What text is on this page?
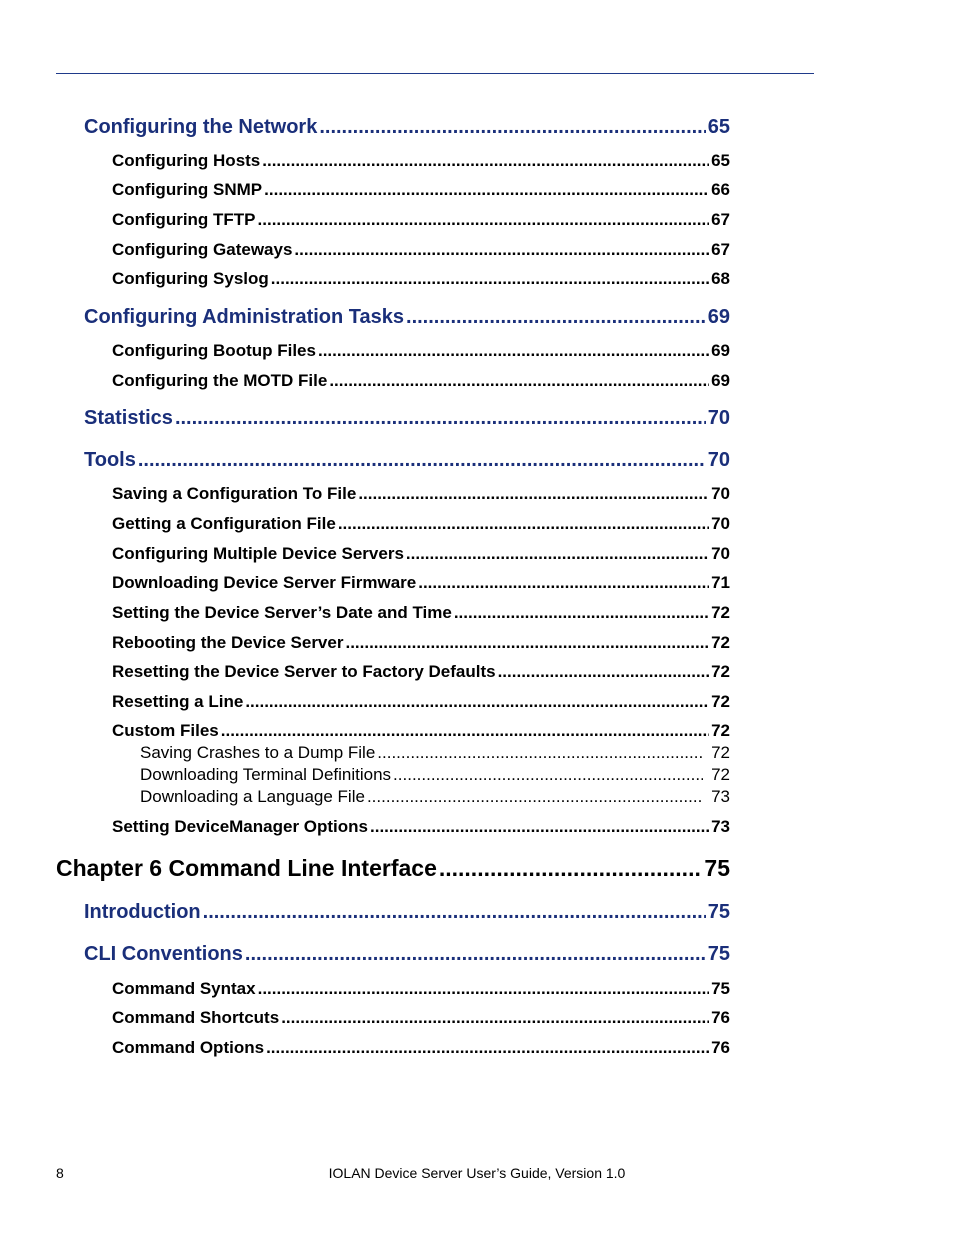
Configuring the Network .....	65
Configuring Hosts .....	65
Configuring SNMP .....	66
Configuring TFTP .....	67
Configuring Gateways .....	67
Configuring Syslog .....	68
Configuring Administration Tasks .....	69
Configuring Bootup Files .....	69
Configuring the MOTD File .....	69
Statistics .....	70
Tools .....	70
Saving a Configuration To File .....	70
Getting a Configuration File .....	70
Configuring Multiple Device Servers .....	70
Downloading Device Server Firmware .....	71
Setting the Device Server’s Date and Time .....	72
Rebooting the Device Server .....	72
Resetting the Device Server to Factory Defaults .....	72
Resetting a Line .....	72
Custom Files .....	72
Saving Crashes to a Dump File .....	72
Downloading Terminal Definitions .....	72
Downloading a Language File .....	73
Setting DeviceManager Options .....	73
Chapter 6 Command Line Interface .....	75
Introduction .....	75
CLI Conventions .....	75
Command Syntax .....	75
Command Shortcuts .....	76
Command Options .....	76
8	IOLAN Device Server User’s Guide, Version 1.0
